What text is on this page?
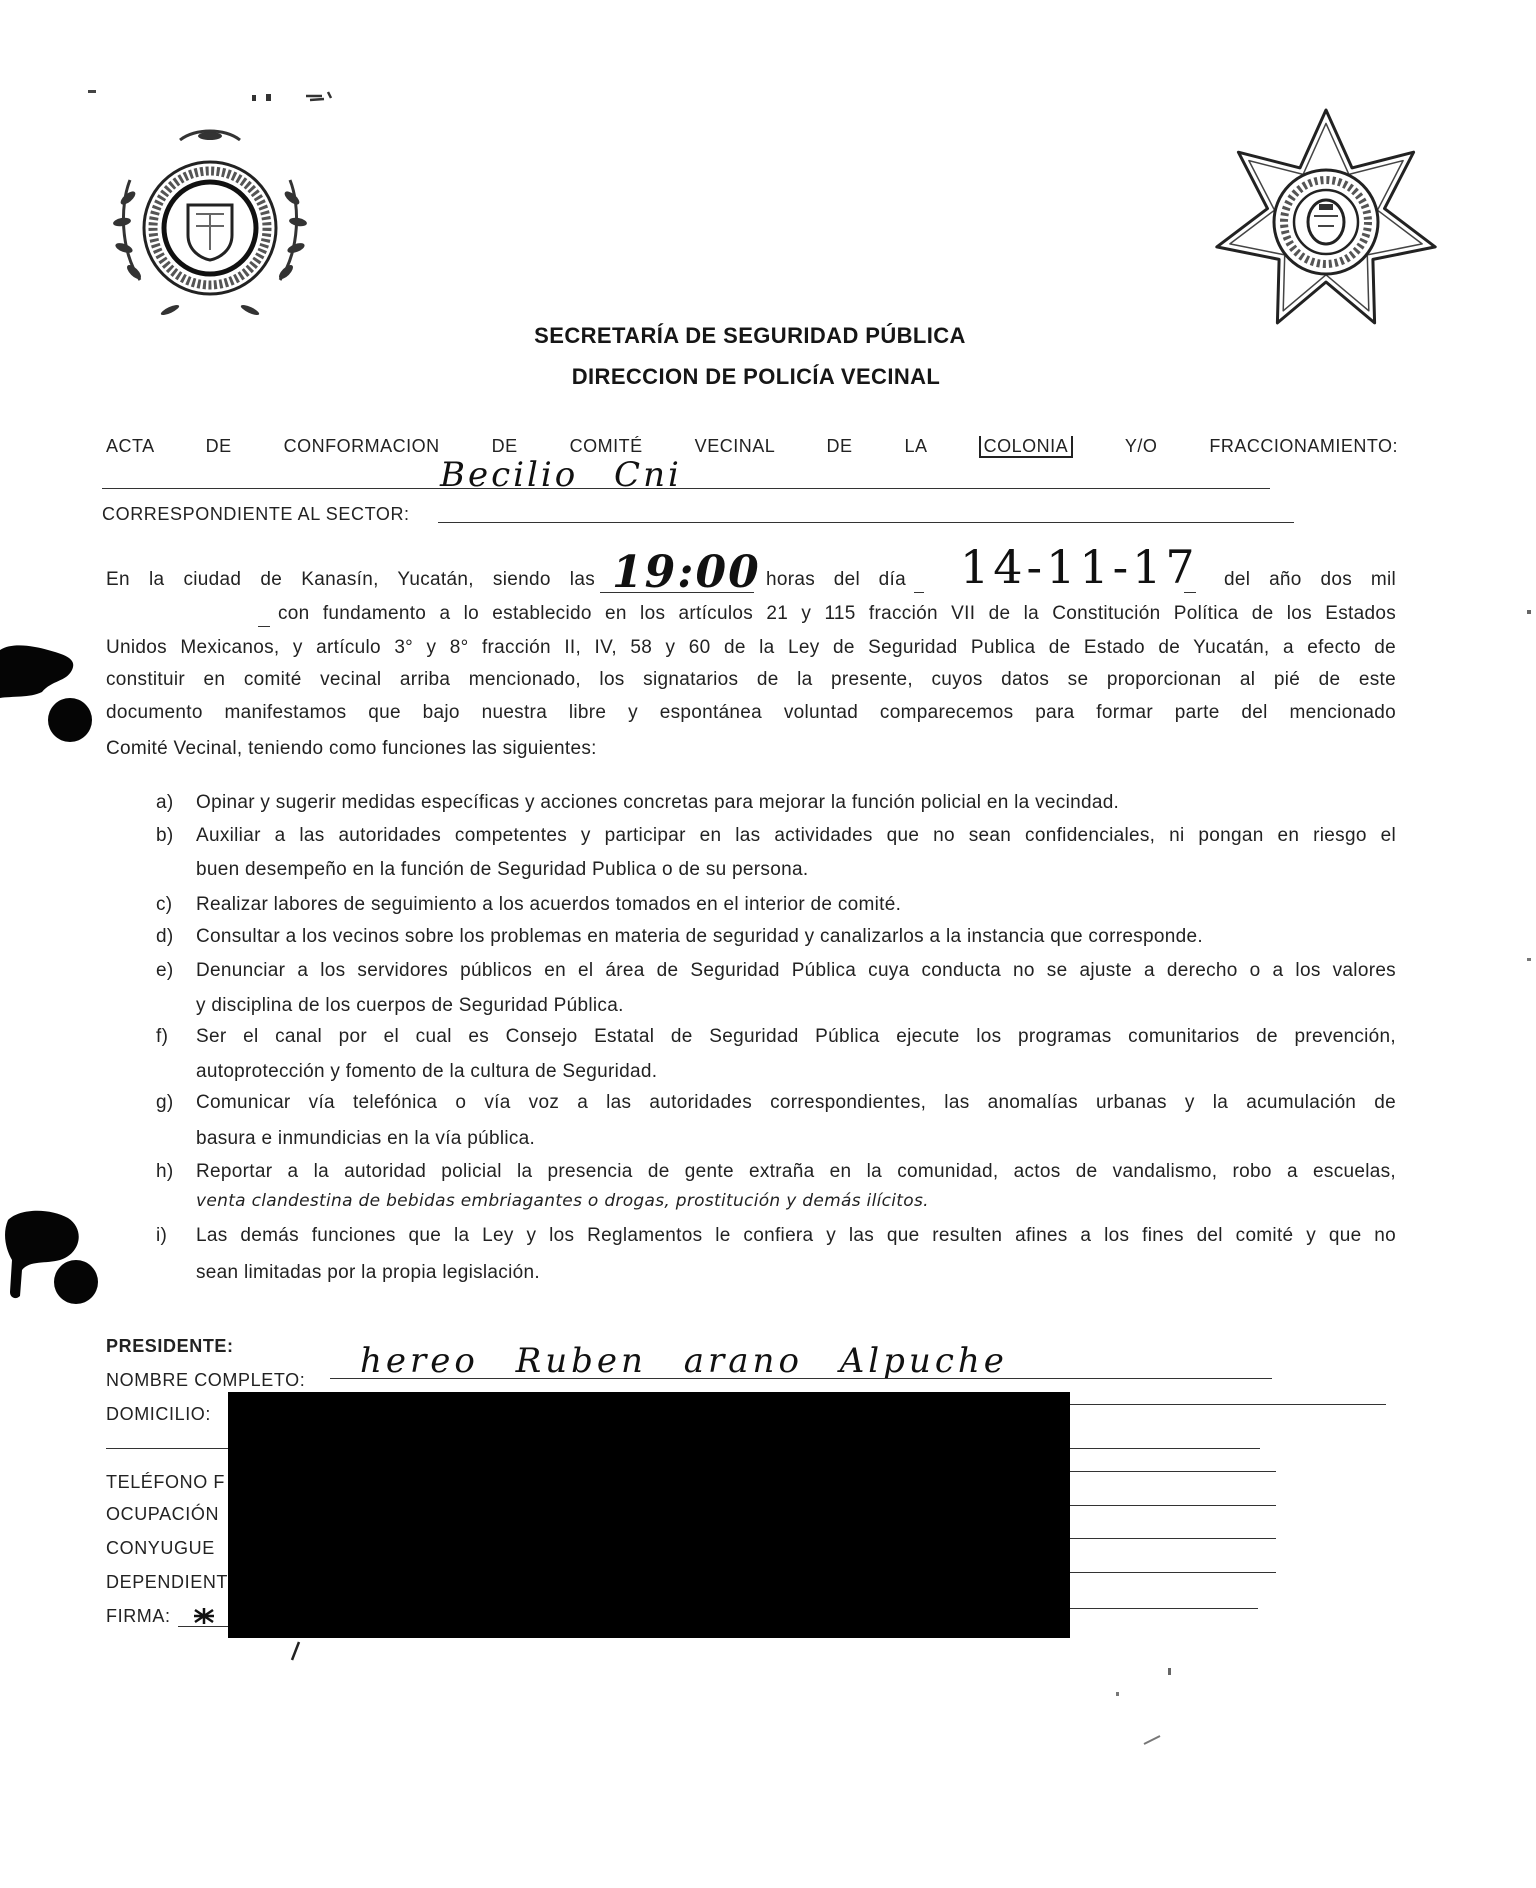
SECRETARÍA DE SEGURIDAD PÚBLICA
DIRECCION DE POLICÍA VECINAL
ACTA DE CONFORMACION DE COMITÉ VECINAL DE LA	COLONIA	Y/O FRACCIONAMIENTO:
Becilio Cni
CORRESPONDIENTE AL SECTOR:
En la ciudad de Kanasín, Yucatán, siendo las 19:00 horas del día 14-11-17 del año dos mil
con fundamento a lo establecido en los artículos 21 y 115 fracción VII de la Constitución Política de los Estados
Unidos Mexicanos, y artículo 3° y 8° fracción II, IV, 58 y 60 de la Ley de Seguridad Publica de Estado de Yucatán, a efecto de
constituir en comité vecinal arriba mencionado, los signatarios de la presente, cuyos datos se proporcionan al pié de este
documento manifestamos que bajo nuestra libre y espontánea voluntad comparecemos para formar parte del mencionado
Comité Vecinal, teniendo como funciones las siguientes:
a) Opinar y sugerir medidas específicas y acciones concretas para mejorar la función policial en la vecindad.
b) Auxiliar a las autoridades competentes y participar en las actividades que no sean confidenciales, ni pongan en riesgo el
buen desempeño en la función de Seguridad Publica o de su persona.
c) Realizar labores de seguimiento a los acuerdos tomados en el interior de comité.
d) Consultar a los vecinos sobre los problemas en materia de seguridad y canalizarlos a la instancia que corresponde.
e) Denunciar a los servidores públicos en el área de Seguridad Pública cuya conducta no se ajuste a derecho o a los valores
y disciplina de los cuerpos de Seguridad Pública.
f) Ser el canal por el cual es Consejo Estatal de Seguridad Pública ejecute los programas comunitarios de prevención,
autoprotección y fomento de la cultura de Seguridad.
g) Comunicar vía telefónica o vía voz a las autoridades correspondientes, las anomalías urbanas y la acumulación de
basura e inmundicias en la vía pública.
h) Reportar a la autoridad policial la presencia de gente extraña en la comunidad, actos de vandalismo, robo a escuelas,
venta clandestina de bebidas embriagantes o drogas, prostitución y demás ilícitos.
i) Las demás funciones que la Ley y los Reglamentos le confiera y las que resulten afines a los fines del comité y que no
sean limitadas por la propia legislación.
PRESIDENTE:
NOMBRE COMPLETO: hereo Ruben arano Alpuche
DOMICILIO:
TELÉFONO F
OCUPACIÓN
CONYUGUE
DEPENDIENT
FIRMA:
